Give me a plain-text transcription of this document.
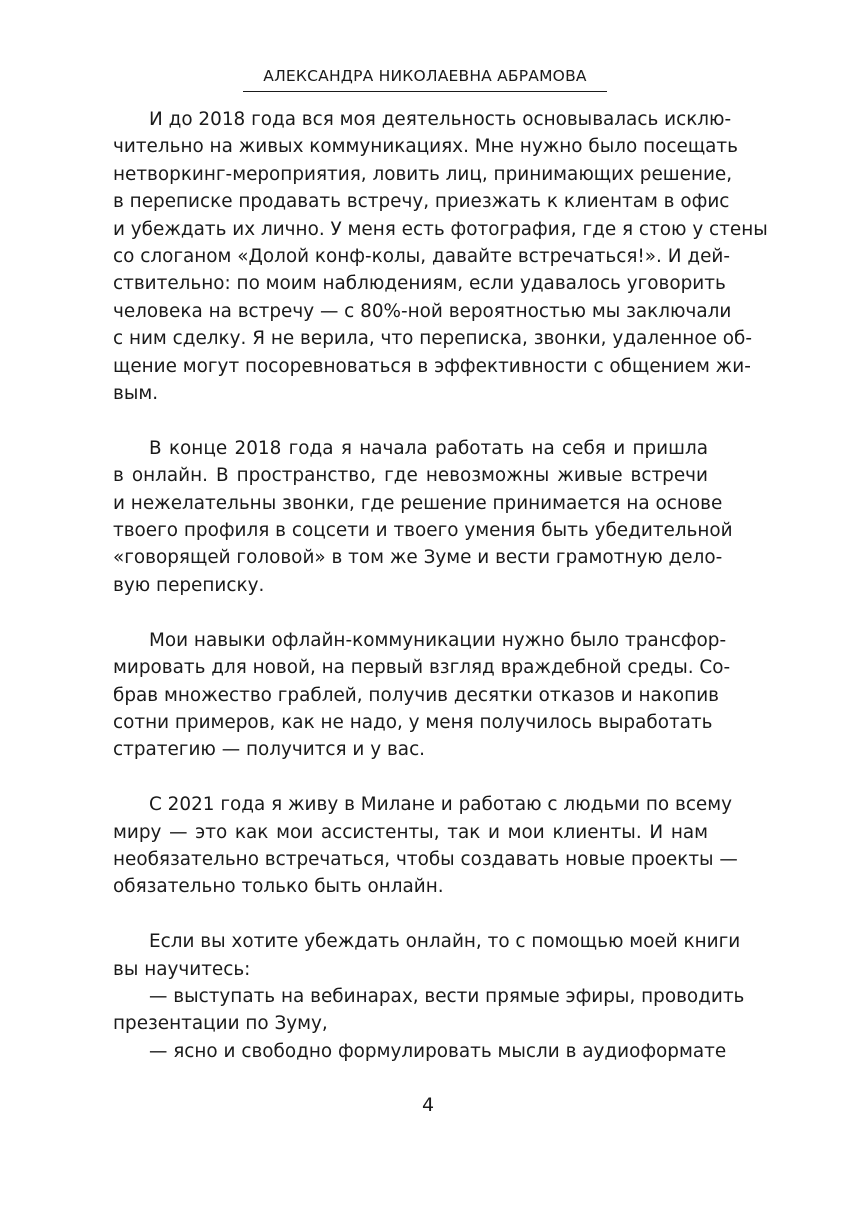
АЛЕКСАНДРА НИКОЛАЕВНА АБРАМОВА
И до 2018 года вся моя деятельность основывалась исклю-
чительно на живых коммуникациях. Мне нужно было посещать
нетворкинг-мероприятия, ловить лиц, принимающих решение,
в переписке продавать встречу, приезжать к клиентам в офис
и убеждать их лично. У меня есть фотография, где я стою у стены
со слоганом «Долой конф-колы, давайте встречаться!». И дей-
ствительно: по моим наблюдениям, если удавалось уговорить
человека на встречу — с 80%-ной вероятностью мы заключали
с ним сделку. Я не верила, что переписка, звонки, удаленное об-
щение могут посоревноваться в эффективности с общением жи-
вым.
В конце 2018 года я начала работать на себя и пришла
в онлайн. В пространство, где невозможны живые встречи
и нежелательны звонки, где решение принимается на основе
твоего профиля в соцсети и твоего умения быть убедительной
«говорящей головой» в том же Зуме и вести грамотную дело-
вую переписку.
Мои навыки офлайн-коммуникации нужно было трансфор-
мировать для новой, на первый взгляд враждебной среды. Со-
брав множество граблей, получив десятки отказов и накопив
сотни примеров, как не надо, у меня получилось выработать
стратегию — получится и у вас.
С 2021 года я живу в Милане и работаю с людьми по всему
миру — это как мои ассистенты, так и мои клиенты. И нам
необязательно встречаться, чтобы создавать новые проекты —
обязательно только быть онлайн.
Если вы хотите убеждать онлайн, то с помощью моей книги
вы научитесь:
— выступать на вебинарах, вести прямые эфиры, проводить
презентации по Зуму,
— ясно и свободно формулировать мысли в аудиоформате
4
